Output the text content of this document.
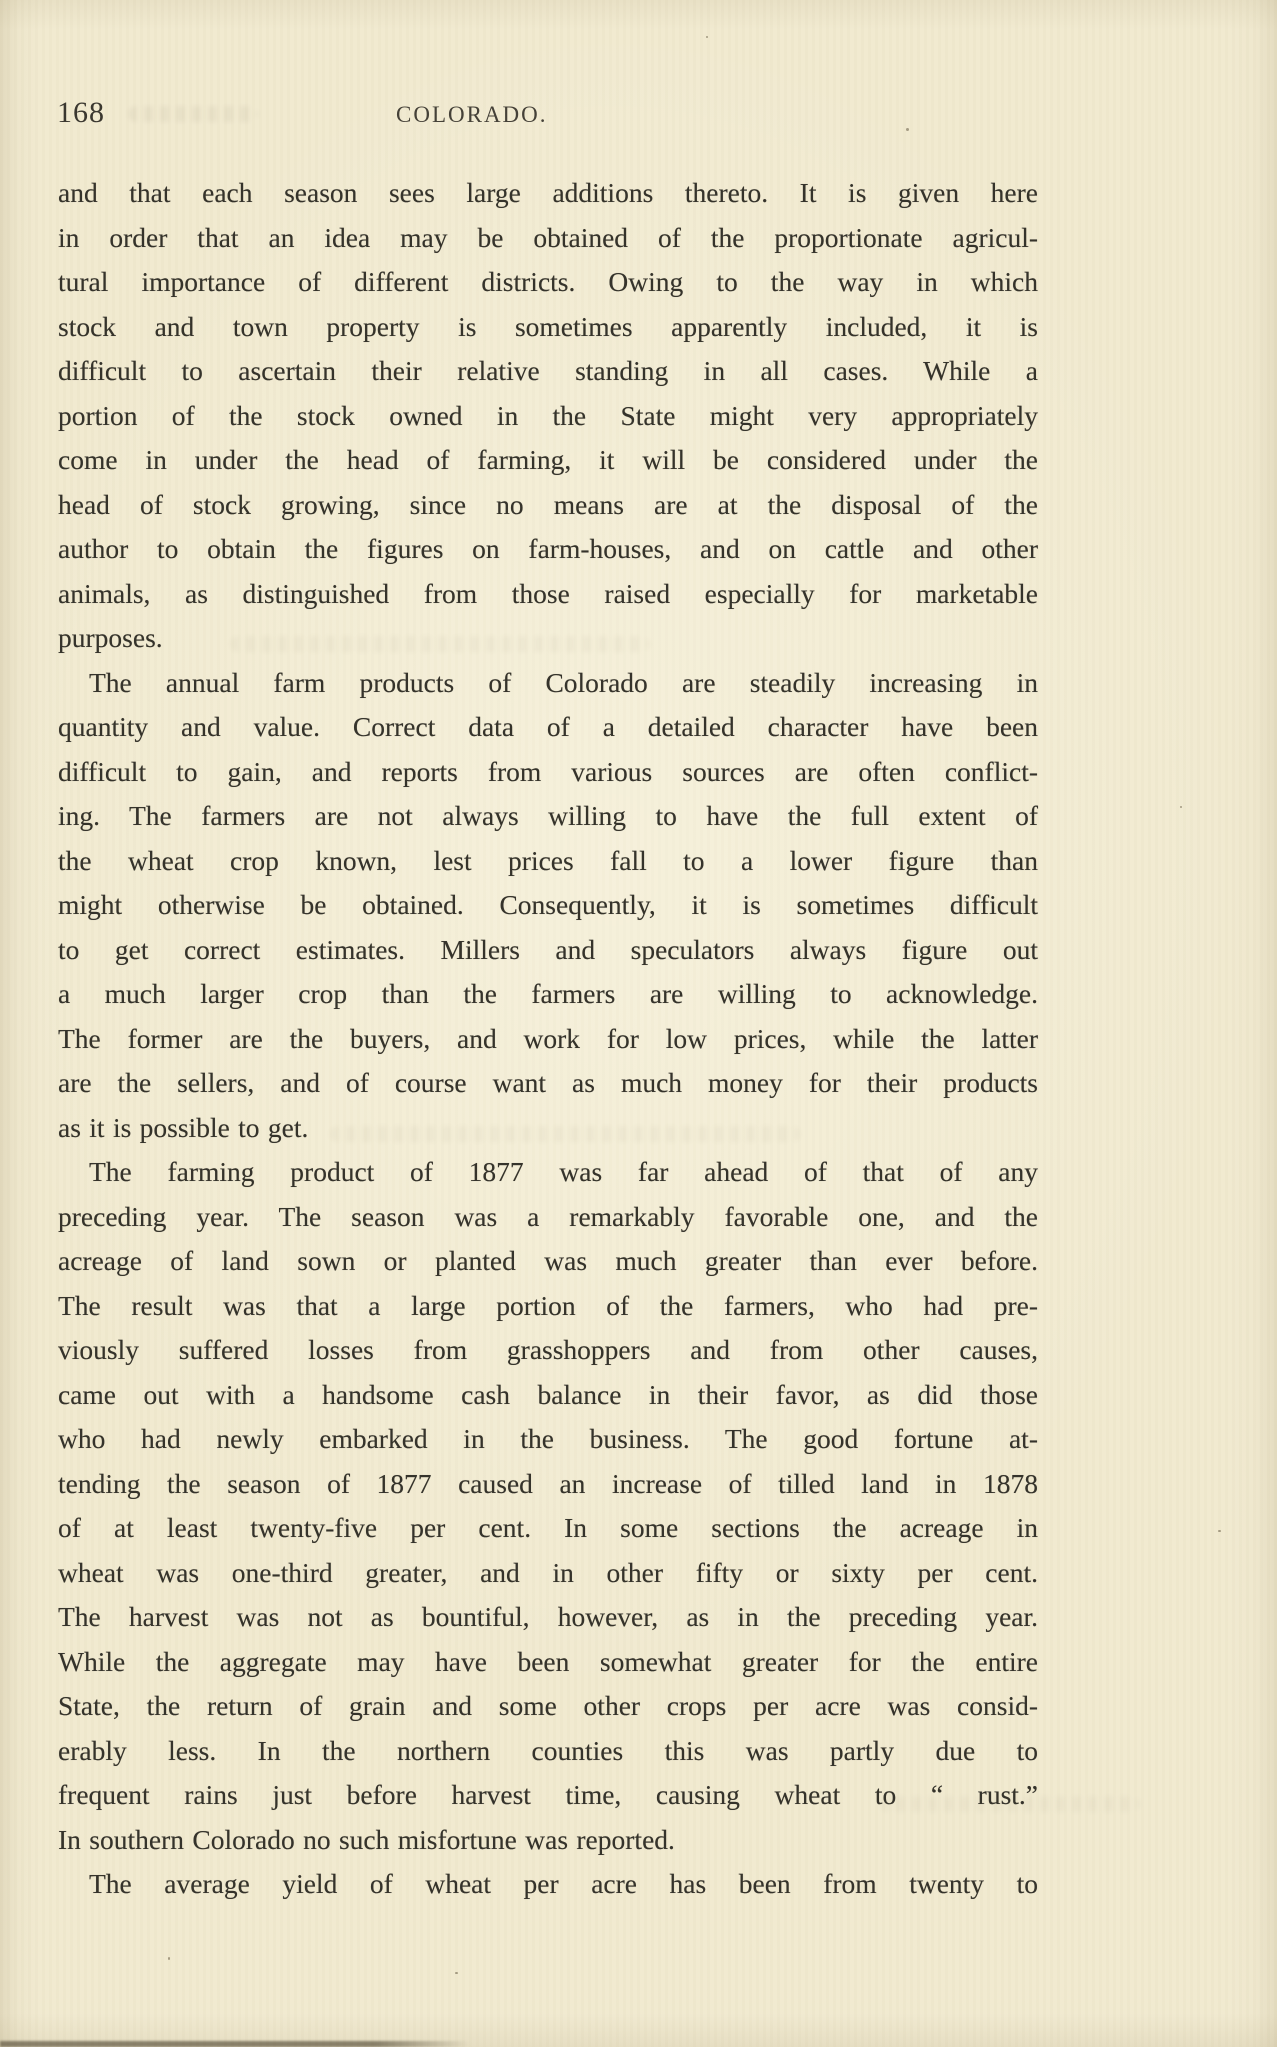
168	COLORADO.

and that each season sees large additions thereto. It is given here
in order that an idea may be obtained of the proportionate agricul-
tural importance of different districts. Owing to the way in which
stock and town property is sometimes apparently included, it is
difficult to ascertain their relative standing in all cases. While a
portion of the stock owned in the State might very appropriately
come in under the head of farming, it will be considered under the
head of stock growing, since no means are at the disposal of the
author to obtain the figures on farm-houses, and on cattle and other
animals, as distinguished from those raised especially for marketable
purposes.

The annual farm products of Colorado are steadily increasing in
quantity and value. Correct data of a detailed character have been
difficult to gain, and reports from various sources are often conflict-
ing. The farmers are not always willing to have the full extent of
the wheat crop known, lest prices fall to a lower figure than
might otherwise be obtained. Consequently, it is sometimes difficult
to get correct estimates. Millers and speculators always figure out
a much larger crop than the farmers are willing to acknowledge.
The former are the buyers, and work for low prices, while the latter
are the sellers, and of course want as much money for their products
as it is possible to get.

The farming product of 1877 was far ahead of that of any
preceding year. The season was a remarkably favorable one, and the
acreage of land sown or planted was much greater than ever before.
The result was that a large portion of the farmers, who had pre-
viously suffered losses from grasshoppers and from other causes,
came out with a handsome cash balance in their favor, as did those
who had newly embarked in the business. The good fortune at-
tending the season of 1877 caused an increase of tilled land in 1878
of at least twenty-five per cent. In some sections the acreage in
wheat was one-third greater, and in other fifty or sixty per cent.
The harvest was not as bountiful, however, as in the preceding year.
While the aggregate may have been somewhat greater for the entire
State, the return of grain and some other crops per acre was consid-
erably less. In the northern counties this was partly due to
frequent rains just before harvest time, causing wheat to “ rust.”
In southern Colorado no such misfortune was reported.

The average yield of wheat per acre has been from twenty to
